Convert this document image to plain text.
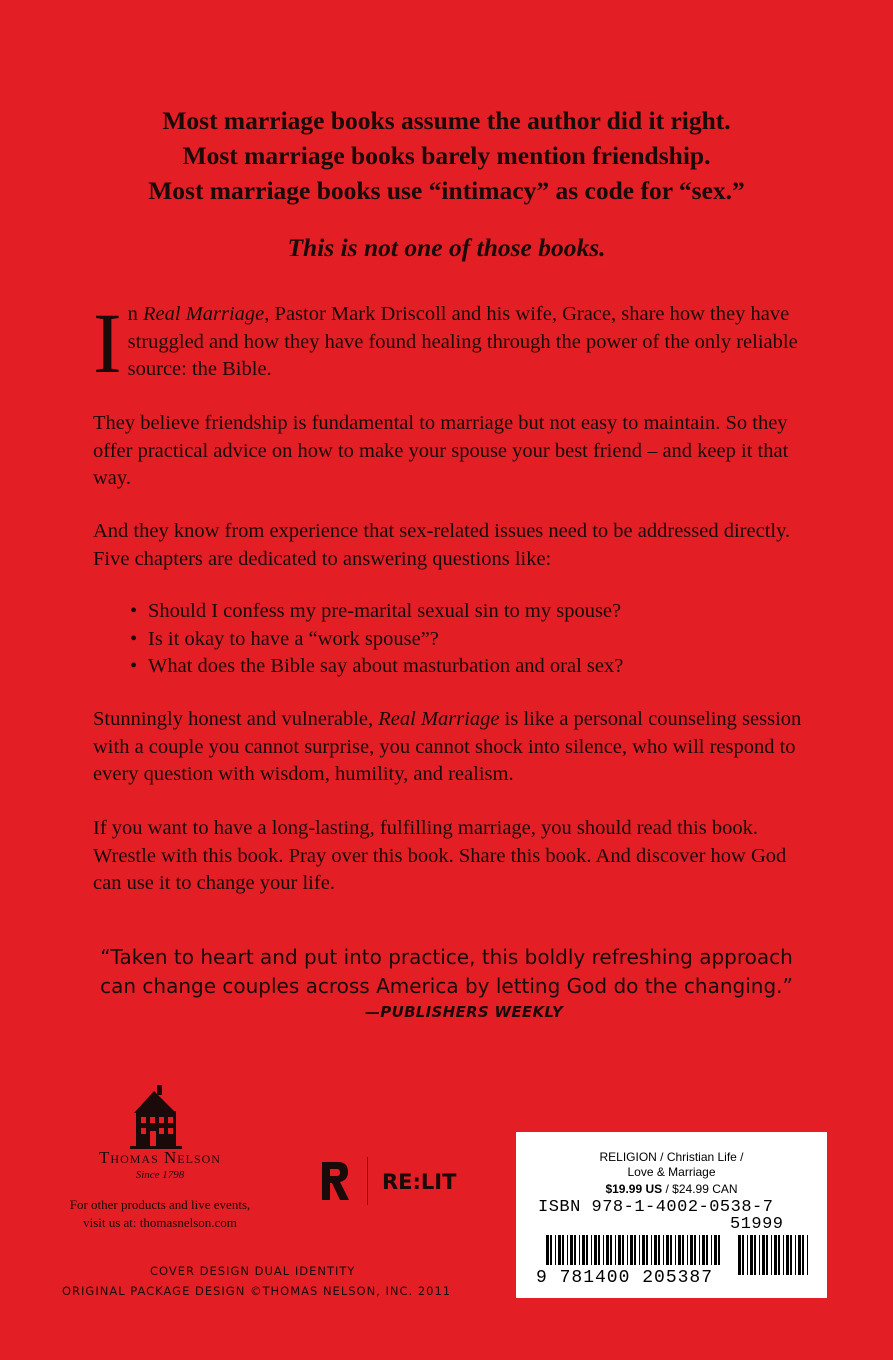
Most marriage books assume the author did it right.
Most marriage books barely mention friendship.
Most marriage books use “intimacy” as code for “sex.”
This is not one of those books.
In Real Marriage, Pastor Mark Driscoll and his wife, Grace, share how they have struggled and how they have found healing through the power of the only reliable source: the Bible.
They believe friendship is fundamental to marriage but not easy to maintain. So they offer practical advice on how to make your spouse your best friend – and keep it that way.
And they know from experience that sex-related issues need to be addressed directly. Five chapters are dedicated to answering questions like:
• Should I confess my pre-marital sexual sin to my spouse?
• Is it okay to have a “work spouse”?
• What does the Bible say about masturbation and oral sex?
Stunningly honest and vulnerable, Real Marriage is like a personal counseling session with a couple you cannot surprise, you cannot shock into silence, who will respond to every question with wisdom, humility, and realism.
If you want to have a long-lasting, fulfilling marriage, you should read this book. Wrestle with this book. Pray over this book. Share this book. And discover how God can use it to change your life.
“Taken to heart and put into practice, this boldly refreshing approach
can change couples across America by letting God do the changing.”
—PUBLISHERS WEEKLY
Thomas Nelson
Since 1798
For other products and live events,
visit us at: thomasnelson.com
RE:LIT
COVER DESIGN DUAL IDENTITY
ORIGINAL PACKAGE DESIGN ©THOMAS NELSON, INC. 2011
RELIGION / Christian Life /
Love & Marriage
$19.99 US / $24.99 CAN
ISBN 978-1-4002-0538-7
51999
9 781400 205387
